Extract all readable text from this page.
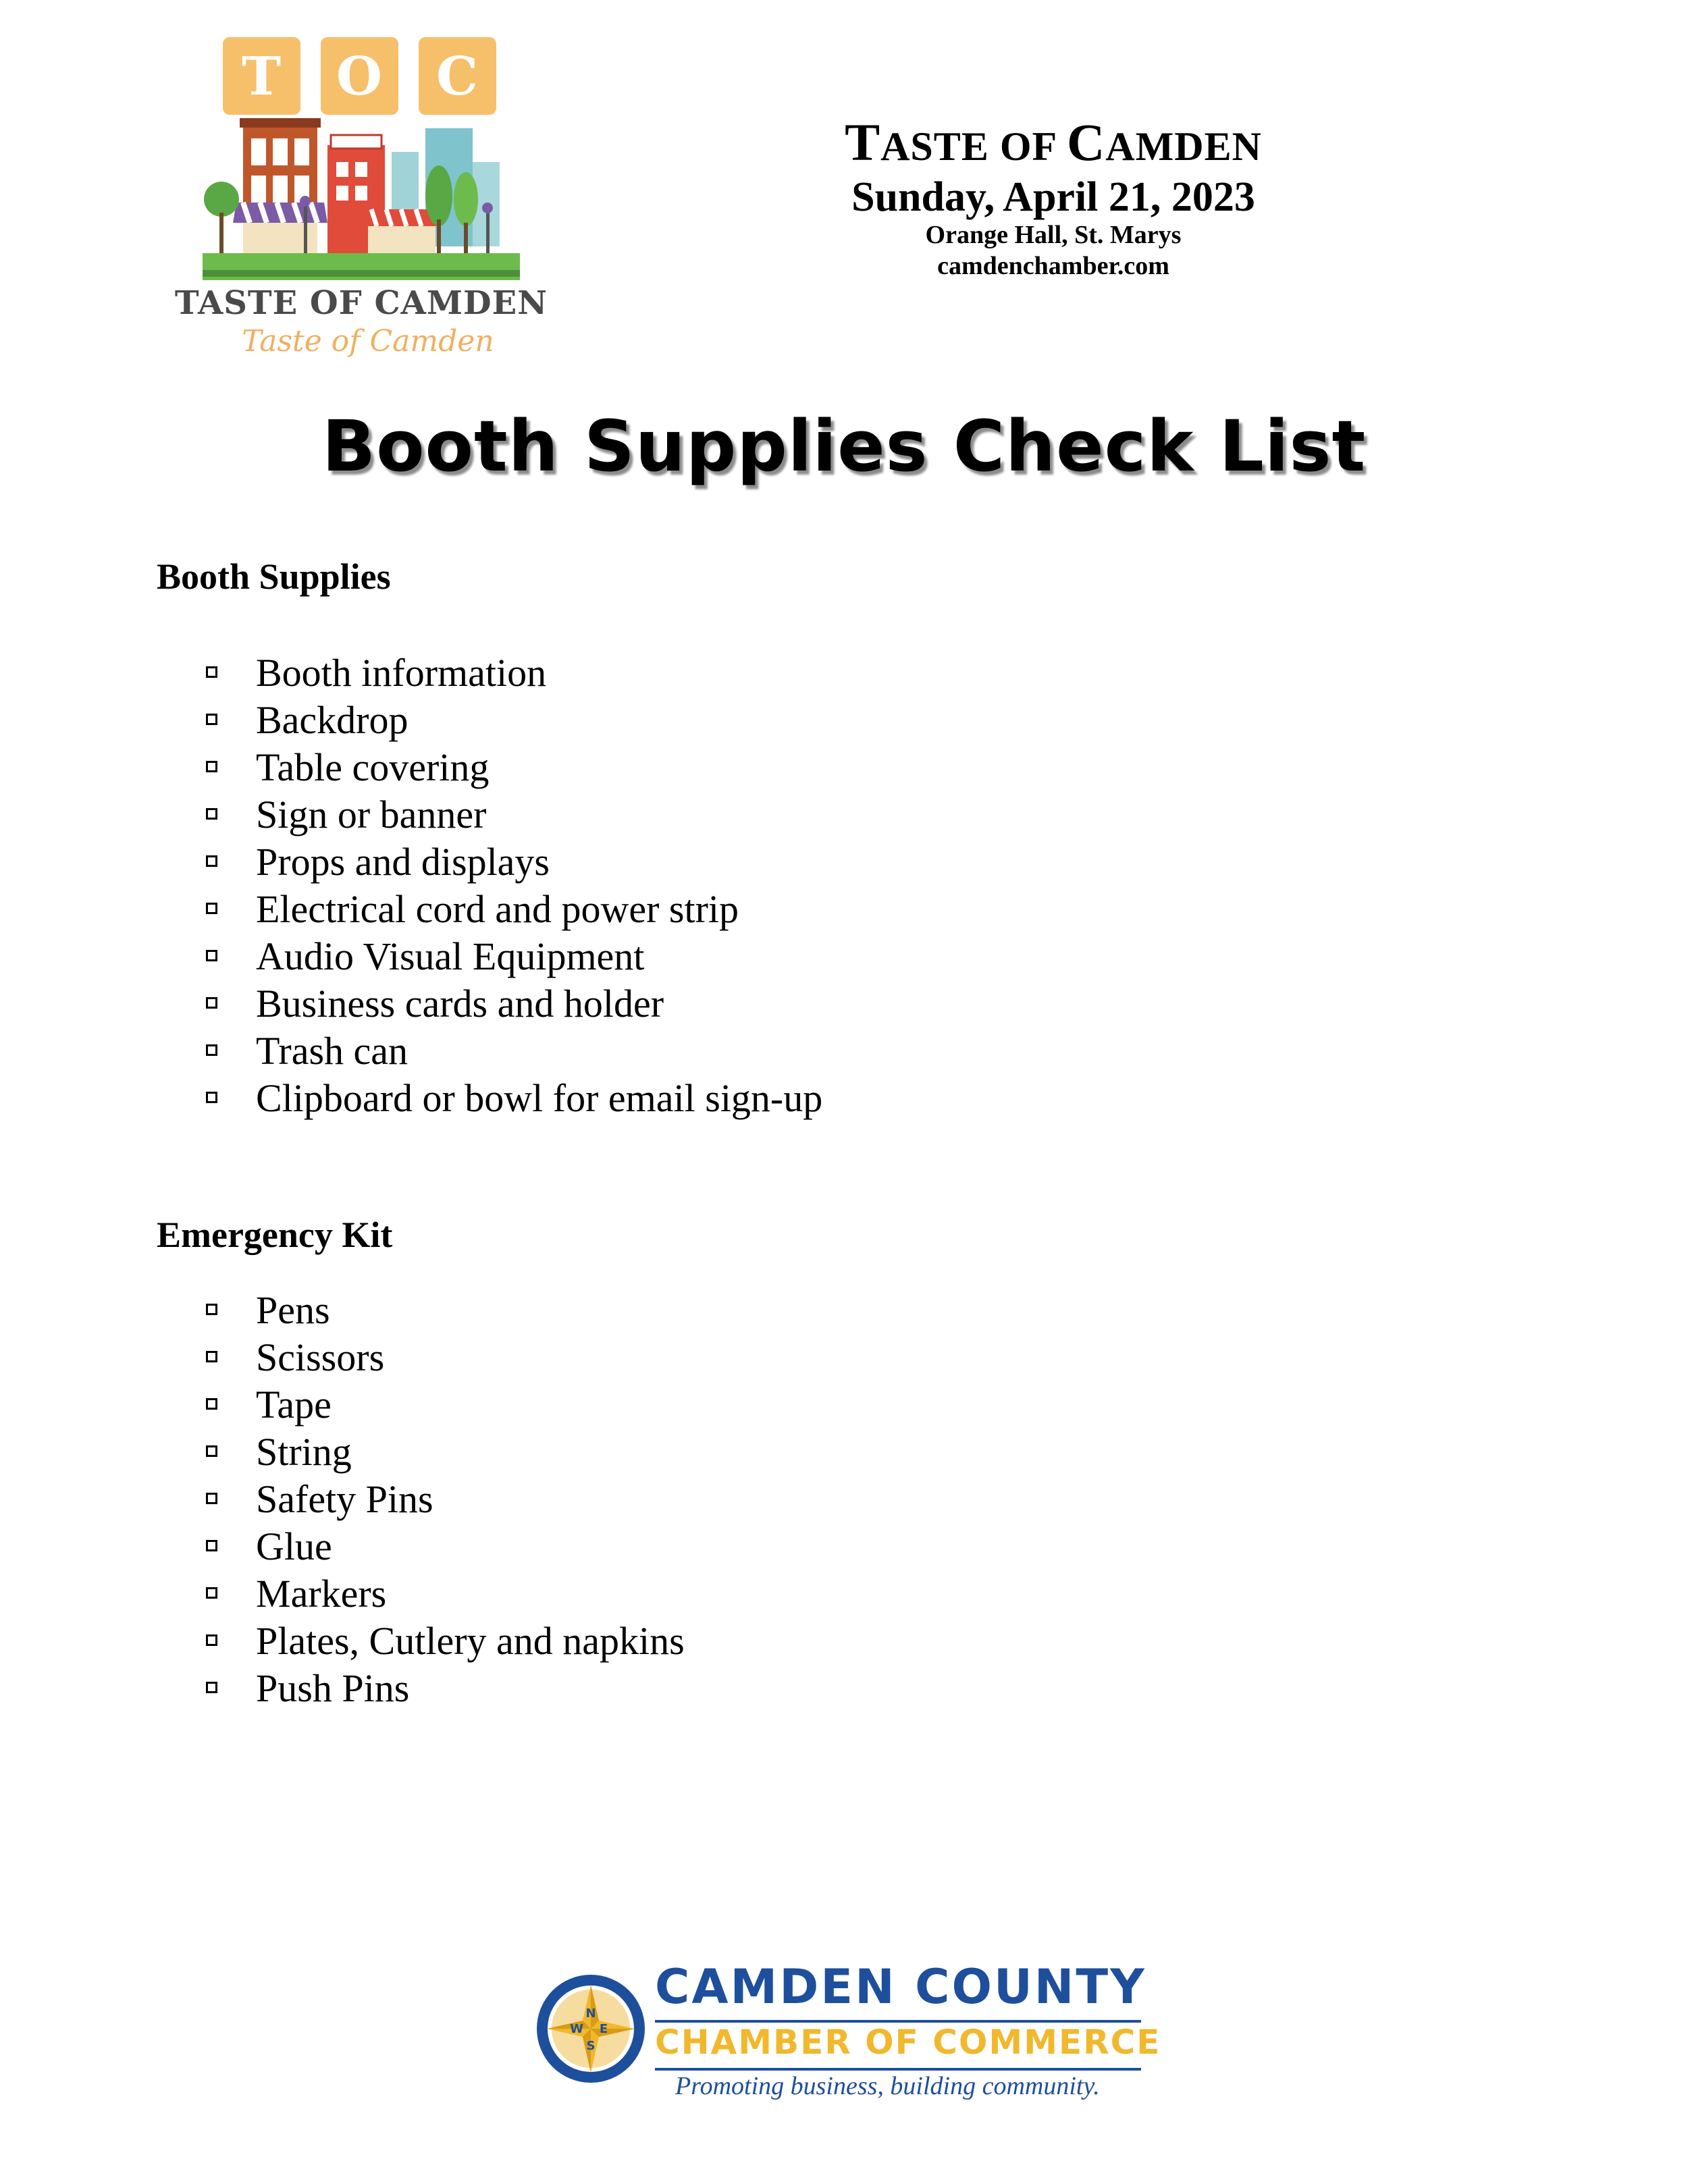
T O C
TASTE OF CAMDEN
Taste of Camden
TASTE OF CAMDEN
Sunday, April 21, 2023
Orange Hall, St. Marys
camdenchamber.com
Booth Supplies Check List
Booth Supplies
Booth information
Backdrop
Table covering
Sign or banner
Props and displays
Electrical cord and power strip
Audio Visual Equipment
Business cards and holder
Trash can
Clipboard or bowl for email sign-up
Emergency Kit
Pens
Scissors
Tape
String
Safety Pins
Glue
Markers
Plates, Cutlery and napkins
Push Pins
N
E
S
W
CAMDEN COUNTY
CHAMBER OF COMMERCE
Promoting business, building community.
